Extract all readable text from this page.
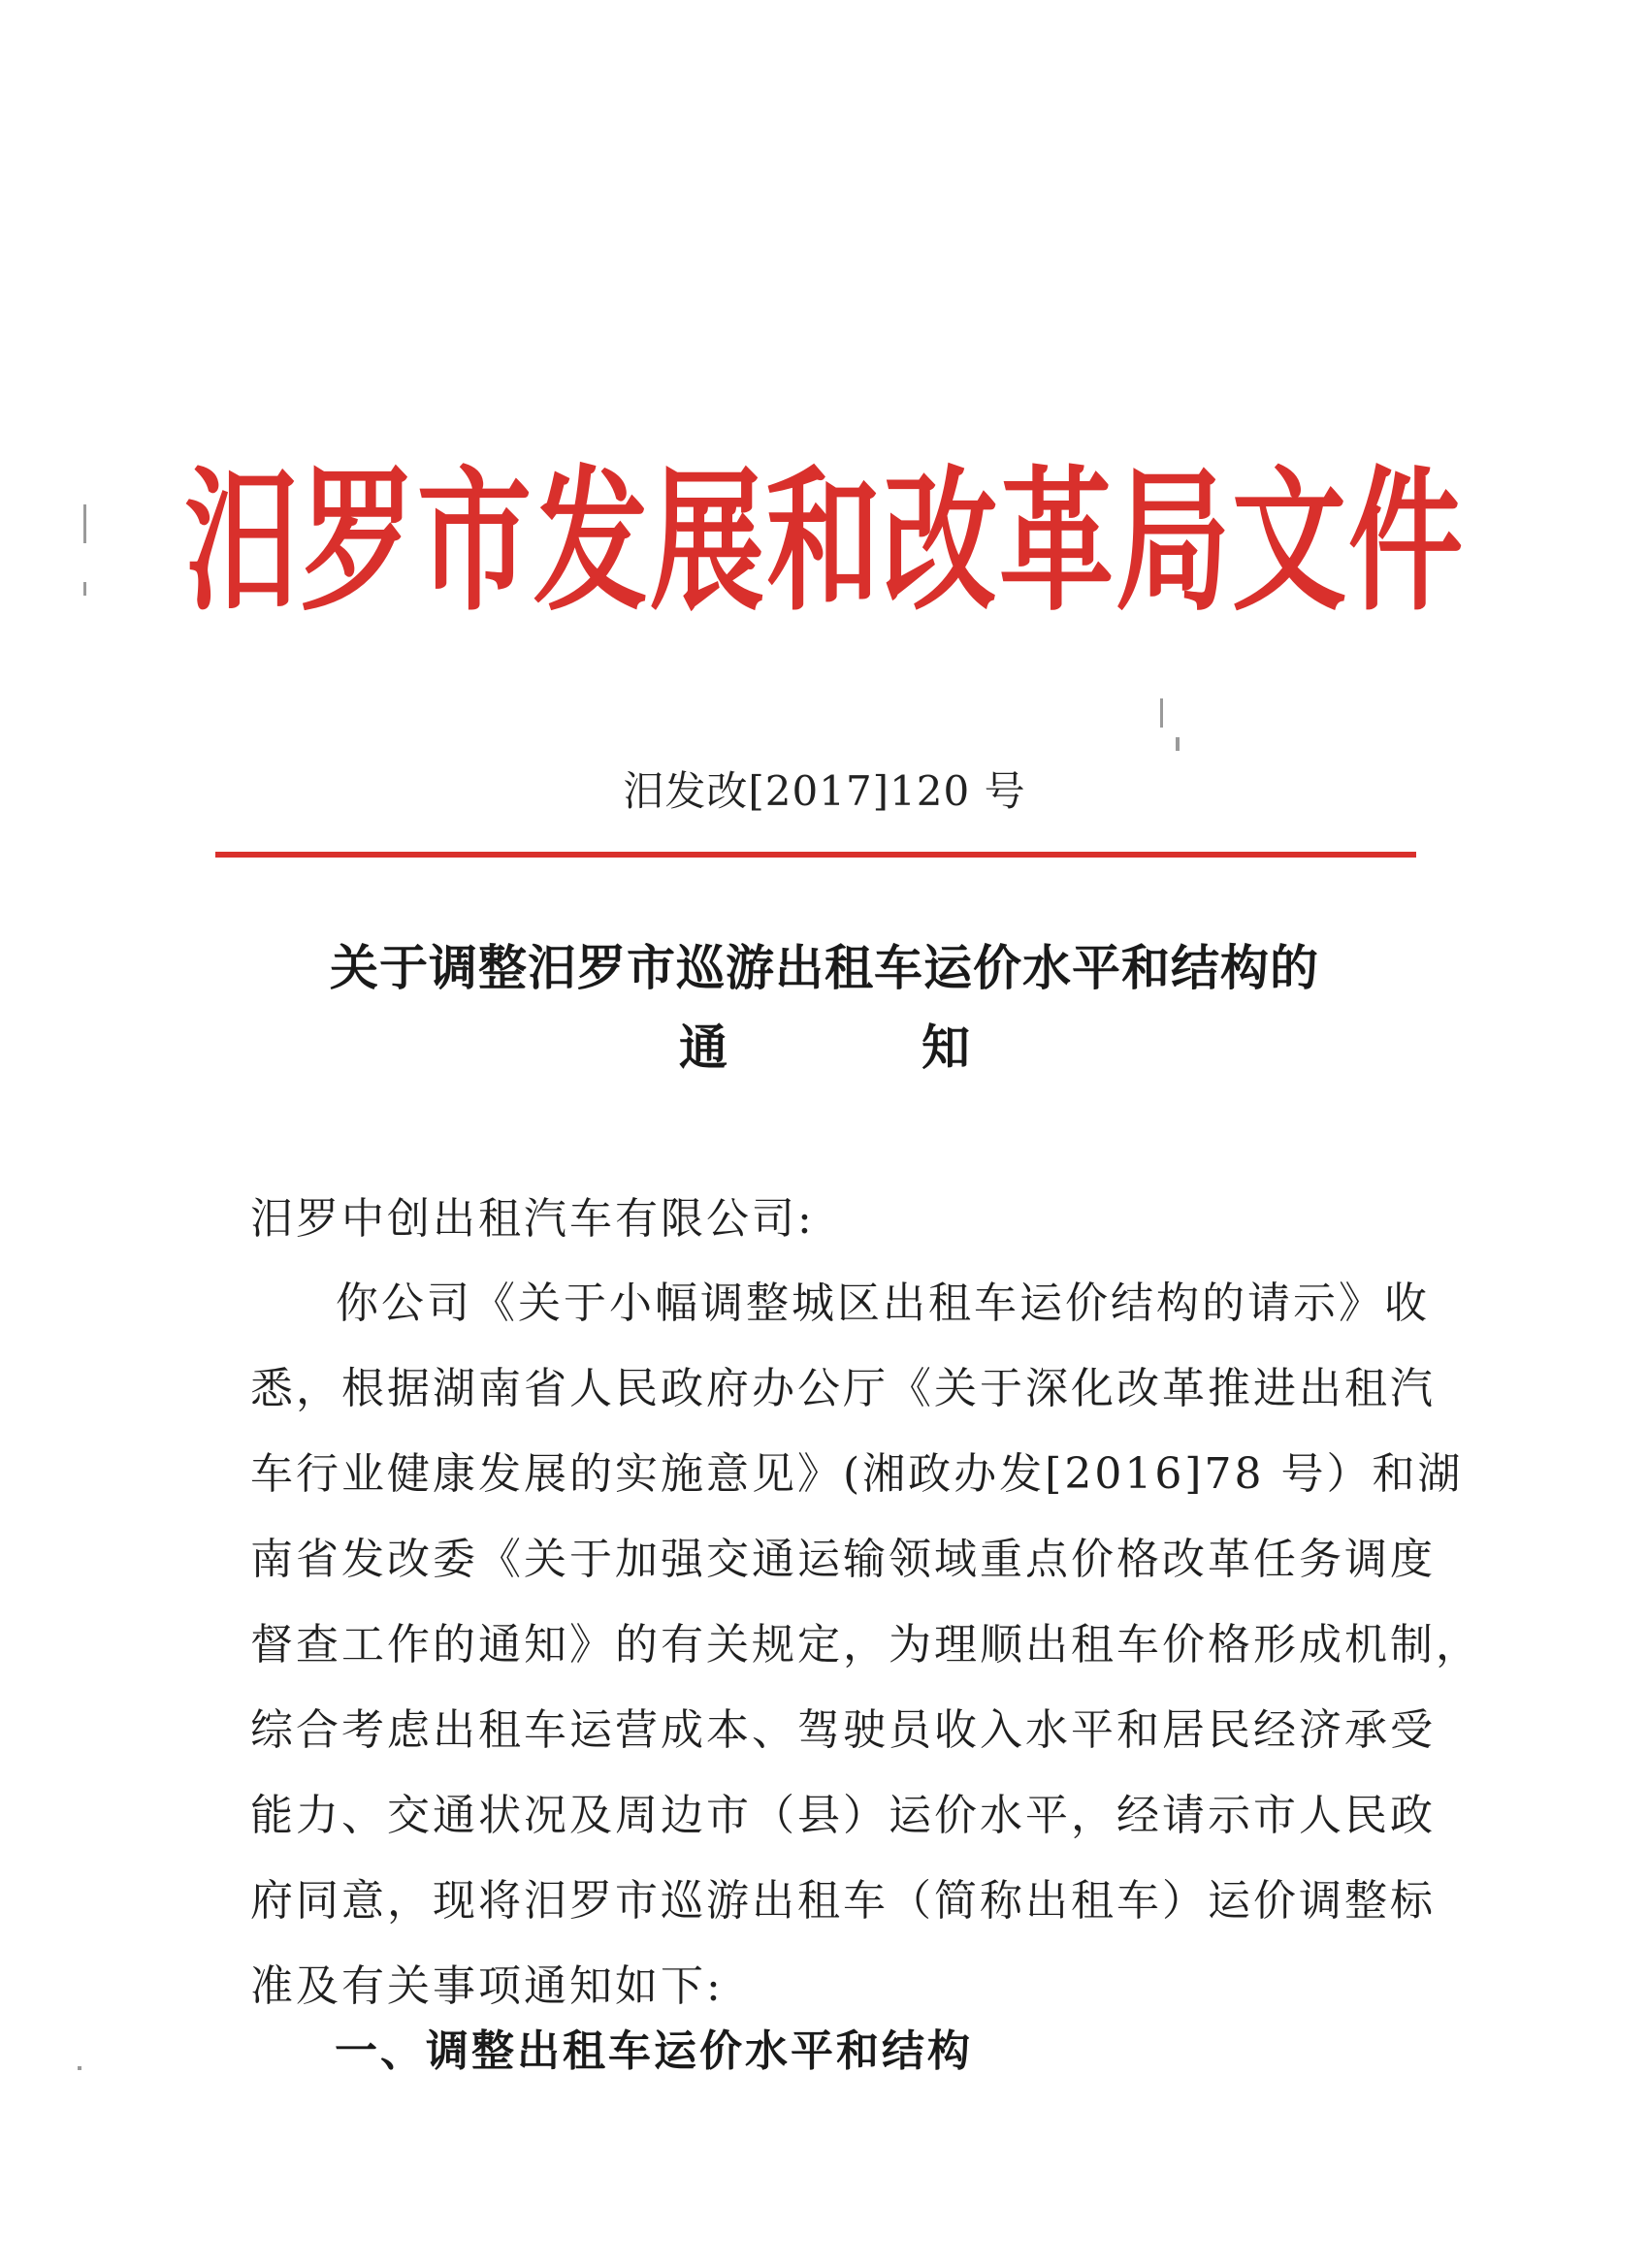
汨罗市发展和改革局文件
汨发改[2017]120 号
关于调整汨罗市巡游出租车运价水平和结构的
通	知
汨罗中创出租汽车有限公司:
你公司《关于小幅调整城区出租车运价结构的请示》收
悉，根据湖南省人民政府办公厅《关于深化改革推进出租汽
车行业健康发展的实施意见》(湘政办发[2016]78 号）和湖
南省发改委《关于加强交通运输领域重点价格改革任务调度
督查工作的通知》的有关规定，为理顺出租车价格形成机制，
综合考虑出租车运营成本、驾驶员收入水平和居民经济承受
能力、交通状况及周边市（县）运价水平，经请示市人民政
府同意，现将汨罗市巡游出租车（简称出租车）运价调整标
准及有关事项通知如下:
一、调整出租车运价水平和结构
